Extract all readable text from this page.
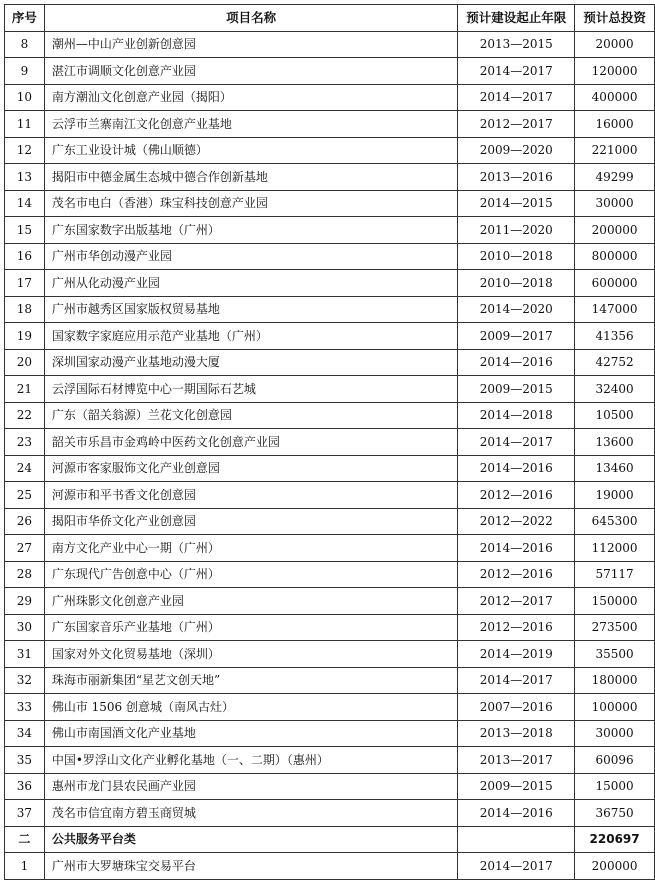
序号	项目名称	预计建设起止年限	预计总投资
8	潮州—中山产业创新创意园	2013—2015	20000
9	湛江市调顺文化创意产业园	2014—2017	120000
10	南方潮汕文化创意产业园（揭阳）	2014—2017	400000
11	云浮市兰寨南江文化创意产业基地	2012—2017	16000
12	广东工业设计城（佛山顺德）	2009—2020	221000
13	揭阳市中德金属生态城中德合作创新基地	2013—2016	49299
14	茂名市电白（香港）珠宝科技创意产业园	2014—2015	30000
15	广东国家数字出版基地（广州）	2011—2020	200000
16	广州市华创动漫产业园	2010—2018	800000
17	广州从化动漫产业园	2010—2018	600000
18	广州市越秀区国家版权贸易基地	2014—2020	147000
19	国家数字家庭应用示范产业基地（广州）	2009—2017	41356
20	深圳国家动漫产业基地动漫大厦	2014—2016	42752
21	云浮国际石材博览中心一期国际石艺城	2009—2015	32400
22	广东（韶关翁源）兰花文化创意园	2014—2018	10500
23	韶关市乐昌市金鸡岭中医药文化创意产业园	2014—2017	13600
24	河源市客家服饰文化产业创意园	2014—2016	13460
25	河源市和平书香文化创意园	2012—2016	19000
26	揭阳市华侨文化产业创意园	2012—2022	645300
27	南方文化产业中心一期（广州）	2014—2016	112000
28	广东现代广告创意中心（广州）	2012—2016	57117
29	广州珠影文化创意产业园	2012—2017	150000
30	广东国家音乐产业基地（广州）	2012—2016	273500
31	国家对外文化贸易基地（深圳）	2014—2019	35500
32	珠海市丽新集团“星艺文创天地”	2014—2017	180000
33	佛山市 1506 创意城（南风古灶）	2007—2016	100000
34	佛山市南国酒文化产业基地	2013—2018	30000
35	中国•罗浮山文化产业孵化基地（一、二期）（惠州）	2013—2017	60096
36	惠州市龙门县农民画产业园	2009—2015	15000
37	茂名市信宜南方碧玉商贸城	2014—2016	36750
二	公共服务平台类		220697
1	广州市大罗塘珠宝交易平台	2014—2017	200000
